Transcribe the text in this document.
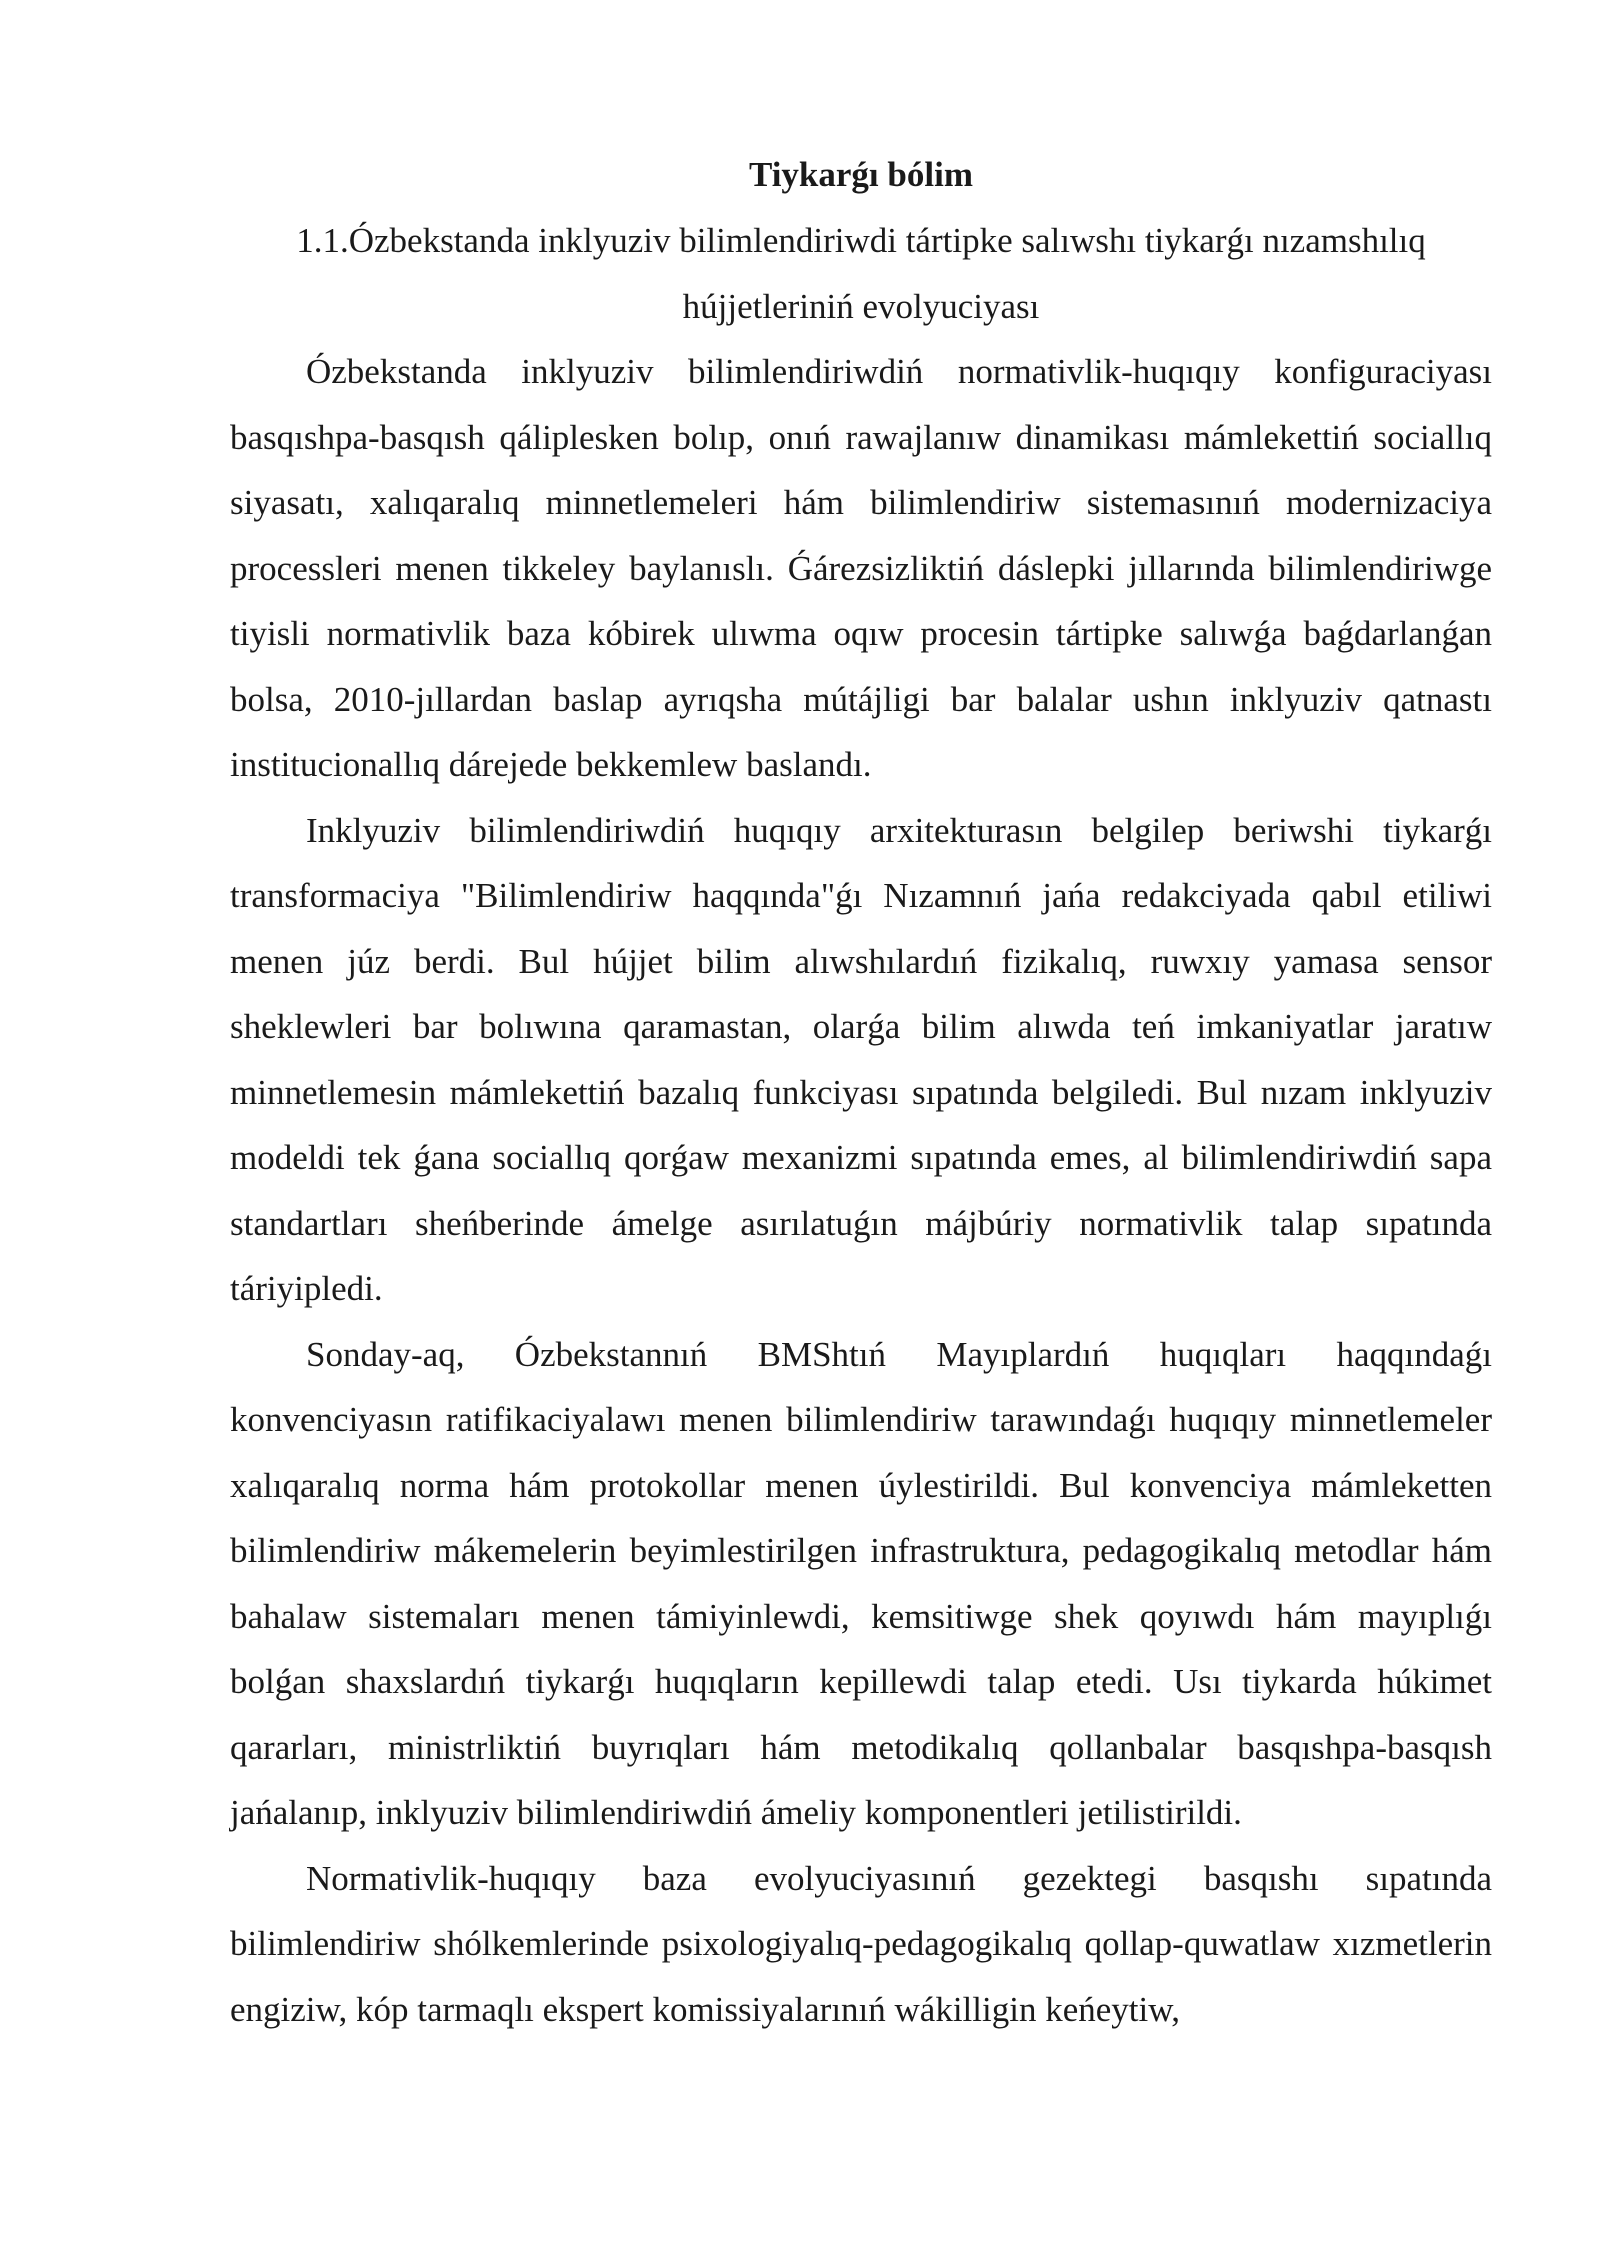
Tiykarǵı bólim
1.1.Ózbekstanda inklyuziv bilimlendiriwdi tártipke salıwshı tiykarǵı nızamshılıq hújjetleriniń evolyuciyası

Ózbekstanda inklyuziv bilimlendiriwdiń normativlik-huqıqıy konfiguraciyası basqıshpa-basqısh qáliplesken bolıp, onıń rawajlanıw dinamikası mámlekettiń sociallıq siyasatı, xalıqaralıq minnetlemeleri hám bilimlendiriw sistemasınıń modernizaciya processleri menen tikkeley baylanıslı. Ǵárezsizliktiń dáslepki jıllarında bilimlendiriwge tiyisli normativlik baza kóbirek ulıwma oqıw procesin tártipke salıwǵa baǵdarlanǵan bolsa, 2010-jıllardan baslap ayrıqsha mútájligi bar balalar ushın inklyuziv qatnastı institucionallıq dárejede bekkemlew baslandı.

Inklyuziv bilimlendiriwdiń huqıqıy arxitekturasın belgilep beriwshi tiykarǵı transformaciya "Bilimlendiriw haqqında"ǵı Nızamnıń jańa redakciyada qabıl etiliwi menen júz berdi. Bul hújjet bilim alıwshılardıń fizikalıq, ruwxıy yamasa sensor sheklewleri bar bolıwına qaramastan, olarǵa bilim alıwda teń imkaniyatlar jaratıw minnetlemesin mámlekettiń bazalıq funkciyası sıpatında belgiledi. Bul nızam inklyuziv modeldi tek ǵana sociallıq qorǵaw mexanizmi sıpatında emes, al bilimlendiriwdiń sapa standartları sheńberinde ámelge asırılatuǵın májbúriy normativlik talap sıpatında táriyipledi.

Sonday-aq, Ózbekstannıń BMShtıń Mayıplardıń huqıqları haqqındaǵı konvenciyasın ratifikaciyalawı menen bilimlendiriw tarawındaǵı huqıqıy minnetlemeler xalıqaralıq norma hám protokollar menen úylestirildi. Bul konvenciya mámleketten bilimlendiriw mákemelerin beyimlestirilgen infrastruktura, pedagogikalıq metodlar hám bahalaw sistemaları menen támiyinlewdi, kemsitiwge shek qoyıwdı hám mayıplıǵı bolǵan shaxslardıń tiykarǵı huqıqların kepillewdi talap etedi. Usı tiykarda húkimet qararları, ministrliktiń buyrıqları hám metodikalıq qollanbalar basqıshpa-basqısh jańalanıp, inklyuziv bilimlendiriwdiń ámeliy komponentleri jetilistirildi.

Normativlik-huqıqıy baza evolyuciyasınıń gezektegi basqıshı sıpatında bilimlendiriw shólkemlerinde psixologiyalıq-pedagogikalıq qollap-quwatlaw xızmetlerin engiziw, kóp tarmaqlı ekspert komissiyalarınıń wákilligin keńeytiw,
